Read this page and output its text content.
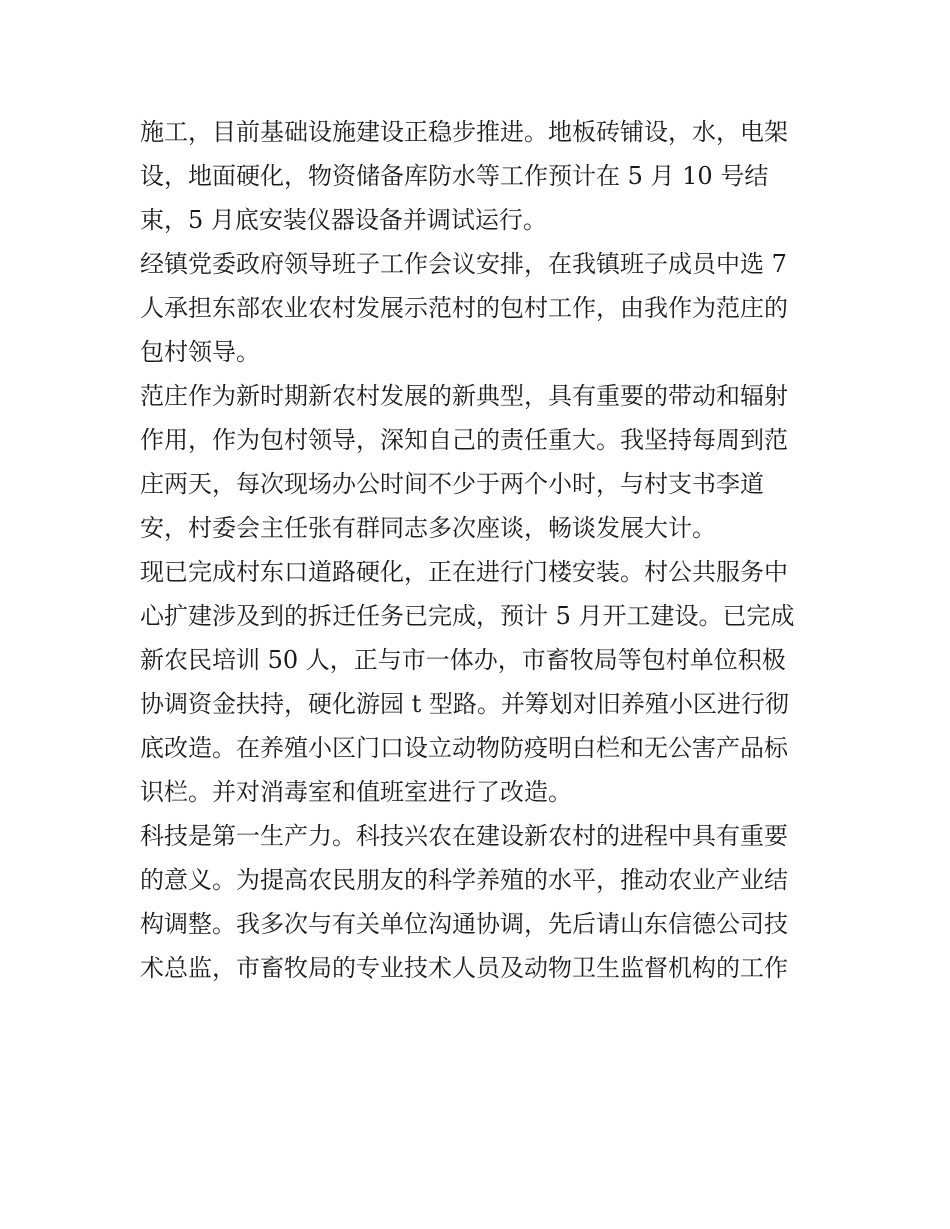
施工，目前基础设施建设正稳步推进。地板砖铺设，水，电架
设，地面硬化，物资储备库防水等工作预计在 5 月 10 号结
束，5 月底安装仪器设备并调试运行。
经镇党委政府领导班子工作会议安排，在我镇班子成员中选 7
人承担东部农业农村发展示范村的包村工作，由我作为范庄的
包村领导。
范庄作为新时期新农村发展的新典型，具有重要的带动和辐射
作用，作为包村领导，深知自己的责任重大。我坚持每周到范
庄两天，每次现场办公时间不少于两个小时，与村支书李道
安，村委会主任张有群同志多次座谈，畅谈发展大计。
现已完成村东口道路硬化，正在进行门楼安装。村公共服务中
心扩建涉及到的拆迁任务已完成，预计 5 月开工建设。已完成
新农民培训 50 人，正与市一体办，市畜牧局等包村单位积极
协调资金扶持，硬化游园 t 型路。并筹划对旧养殖小区进行彻
底改造。在养殖小区门口设立动物防疫明白栏和无公害产品标
识栏。并对消毒室和值班室进行了改造。
科技是第一生产力。科技兴农在建设新农村的进程中具有重要
的意义。为提高农民朋友的科学养殖的水平，推动农业产业结
构调整。我多次与有关单位沟通协调，先后请山东信德公司技
术总监，市畜牧局的专业技术人员及动物卫生监督机构的工作
